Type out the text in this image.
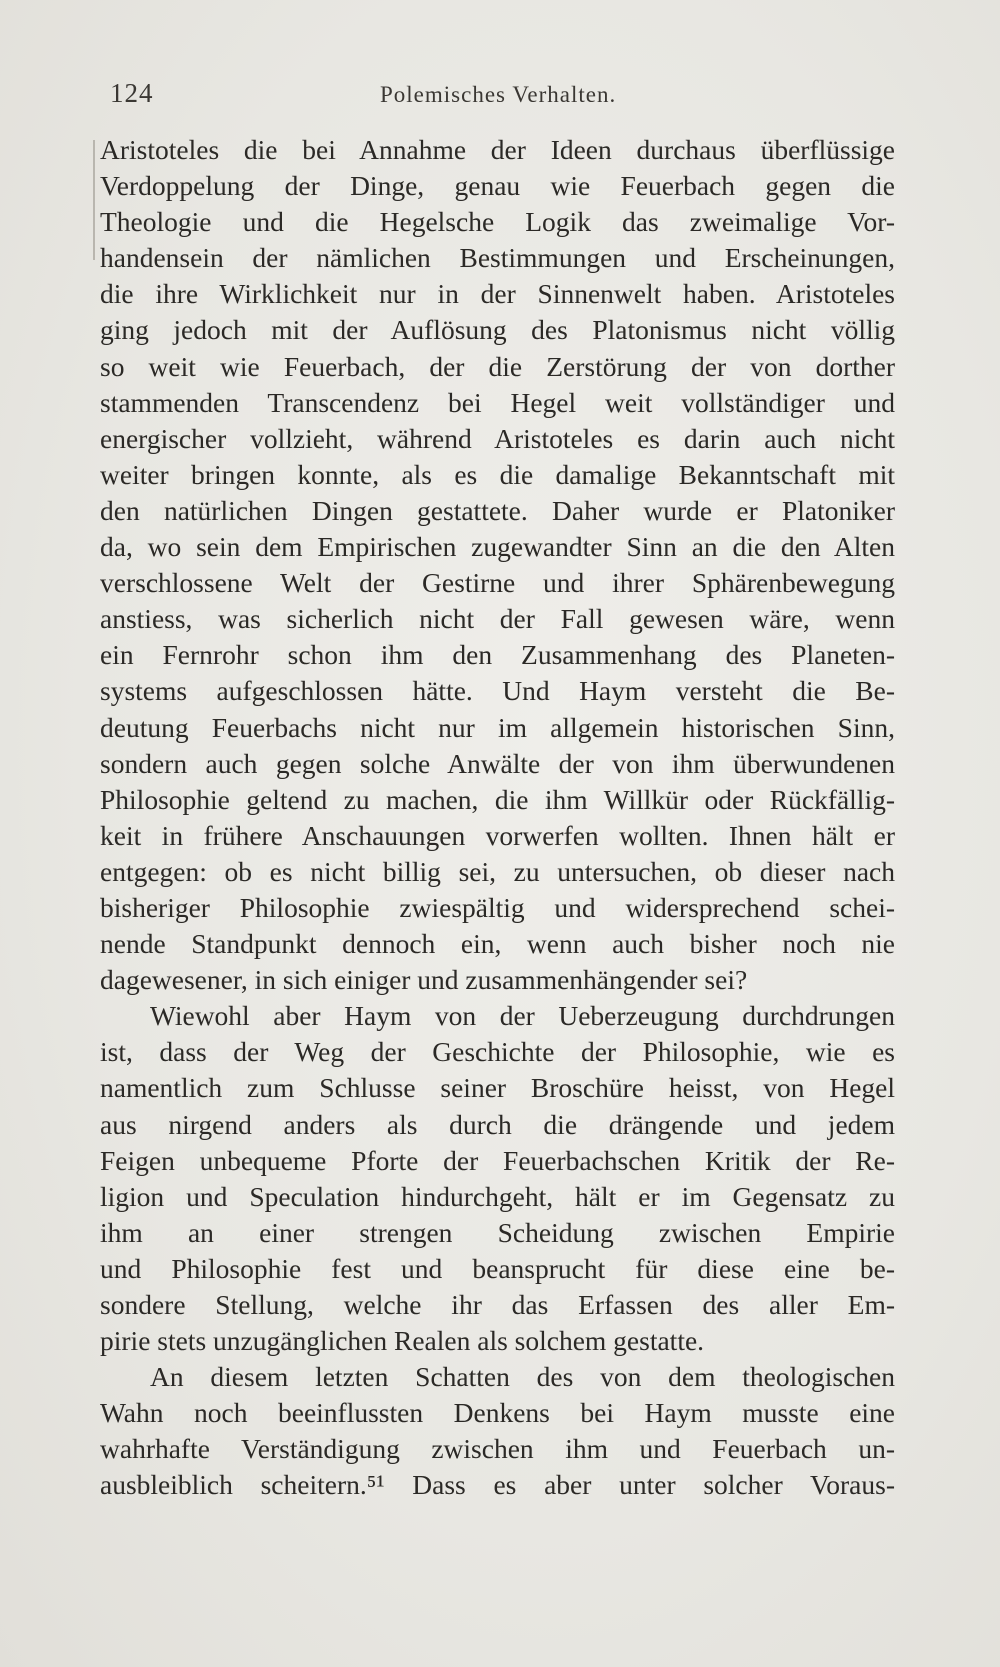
124	Polemisches Verhalten.
Aristoteles die bei Annahme der Ideen durchaus überflüssige
Verdoppelung der Dinge, genau wie Feuerbach gegen die
Theologie und die Hegelsche Logik das zweimalige Vor-
handensein der nämlichen Bestimmungen und Erscheinungen,
die ihre Wirklichkeit nur in der Sinnenwelt haben. Aristoteles
ging jedoch mit der Auflösung des Platonismus nicht völlig
so weit wie Feuerbach, der die Zerstörung der von dorther
stammenden Transcendenz bei Hegel weit vollständiger und
energischer vollzieht, während Aristoteles es darin auch nicht
weiter bringen konnte, als es die damalige Bekanntschaft mit
den natürlichen Dingen gestattete. Daher wurde er Platoniker
da, wo sein dem Empirischen zugewandter Sinn an die den Alten
verschlossene Welt der Gestirne und ihrer Sphärenbewegung
anstiess, was sicherlich nicht der Fall gewesen wäre, wenn
ein Fernrohr schon ihm den Zusammenhang des Planeten-
systems aufgeschlossen hätte. Und Haym versteht die Be-
deutung Feuerbachs nicht nur im allgemein historischen Sinn,
sondern auch gegen solche Anwälte der von ihm überwundenen
Philosophie geltend zu machen, die ihm Willkür oder Rückfällig-
keit in frühere Anschauungen vorwerfen wollten. Ihnen hält er
entgegen: ob es nicht billig sei, zu untersuchen, ob dieser nach
bisheriger Philosophie zwiespältig und widersprechend schei-
nende Standpunkt dennoch ein, wenn auch bisher noch nie
dagewesener, in sich einiger und zusammenhängender sei?
Wiewohl aber Haym von der Ueberzeugung durchdrungen
ist, dass der Weg der Geschichte der Philosophie, wie es
namentlich zum Schlusse seiner Broschüre heisst, von Hegel
aus nirgend anders als durch die drängende und jedem
Feigen unbequeme Pforte der Feuerbachschen Kritik der Re-
ligion und Speculation hindurchgeht, hält er im Gegensatz zu
ihm an einer strengen Scheidung zwischen Empirie
und Philosophie fest und beansprucht für diese eine be-
sondere Stellung, welche ihr das Erfassen des aller Em-
pirie stets unzugänglichen Realen als solchem gestatte.
An diesem letzten Schatten des von dem theologischen
Wahn noch beeinflussten Denkens bei Haym musste eine
wahrhafte Verständigung zwischen ihm und Feuerbach un-
ausbleiblich scheitern.⁵¹ Dass es aber unter solcher Voraus-
